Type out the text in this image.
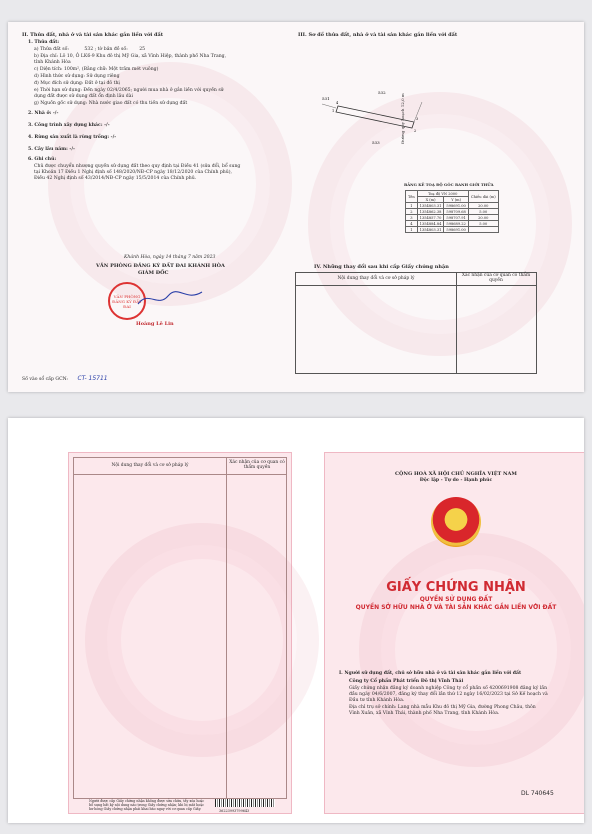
II. Thửa đất, nhà ở và tài sản khác gắn liền với đất
1. Thửa đất:
a) Thửa đất số:	532 ; tờ bản đồ số: 25
b) Địa chỉ: Lô 10, Ô LK6-9 Khu đô thị Mỹ Gia, xã Vĩnh Hiệp, thành phố Nha Trang,
tỉnh Khánh Hòa
c) Diện tích: 100m², (Bằng chữ: Một trăm mét vuông)
d) Hình thức sử dụng: Sử dụng riêng
đ) Mục đích sử dụng: Đất ở tại đô thị
e) Thời hạn sử dụng: Đến ngày 02/4/2065; người mua nhà ở gắn liền với quyền sử
dụng đất được sử dụng đất ổn định lâu dài
g) Nguồn gốc sử dụng: Nhà nước giao đất có thu tiền sử dụng đất
2. Nhà ở: -/-
3. Công trình xây dựng khác: -/-
4. Rừng sản xuất là rừng trồng: -/-
5. Cây lâu năm: -/-
6. Ghi chú:
Chủ được chuyển nhượng quyền sử dụng đất theo quy định tại Điều 41 (sửa đổi, bổ sung
tại Khoản 17 Điều 1 Nghị định số 148/2020/NĐ-CP ngày 18/12/2020 của Chính phủ),
Điều 42 Nghị định số 43/2014/NĐ-CP ngày 15/5/2014 của Chính phủ.
Khánh Hòa, ngày 14 tháng 7 năm 2023
VĂN PHÒNG ĐĂNG KÝ ĐẤT ĐAI KHÁNH HÒA
GIÁM ĐỐC
VĂN PHÒNG ĐĂNG KÝ ĐẤT ĐAI
Hoàng Lê Lin
Số vào sổ cấp GCN: CT- 15711
III. Sơ đồ thửa đất, nhà ở và tài sản khác gắn liền với đất
531
533
532
1
2
3
4	Đường quy hoạch 12,0 m
BẢNG KÊ TOẠ ĐỘ GÓC RANH GIỚI THỬA
Tên	Toạ độ VN 2000		Chiều dài (m)
	X (m)	Y (m)	
1	1354803.31	598691.00	20.00
2	1354862.38	598709.68	5.00
3	1354857.70	598707.91	20.00
4	1354884.84	598689.22	5.00
1	1354803.31	598691.00	
IV. Những thay đổi sau khi cấp Giấy chứng nhận
Nội dung thay đổi và cơ sở pháp lý
Xác nhận của cơ quan có thẩm quyền
Nội dung thay đổi và cơ sở pháp lý
Xác nhận của cơ quan có thẩm quyền
Người được cấp Giấy chứng nhận không được sửa chữa, tẩy xóa hoặc bổ sung bất kỳ nội dung nào trong Giấy chứng nhận; khi bị mất hoặc hư hỏng Giấy chứng nhận phải khai báo ngay với cơ quan cấp Giấy.	36223993799643
CỘNG HOÀ XÃ HỘI CHỦ NGHĨA VIỆT NAM
Độc lập - Tự do - Hạnh phúc
GIẤY CHỨNG NHẬN
QUYỀN SỬ DỤNG ĐẤT
QUYỀN SỞ HỮU NHÀ Ở VÀ TÀI SẢN KHÁC GẮN LIỀN VỚI ĐẤT
I. Người sử dụng đất, chủ sở hữu nhà ở và tài sản khác gắn liền với đất
Công ty Cổ phần Phát triển Đô thị Vĩnh Thái
Giấy chứng nhận đăng ký doanh nghiệp Công ty cổ phần số 4200691908 đăng ký lần
đầu ngày 04/6/2007, đăng ký thay đổi lần thứ 12 ngày 16/02/2023 tại Sở Kế hoạch và
Đầu tư tỉnh Khánh Hòa.
Địa chỉ trụ sở chính: Lang nhà mẫu Khu đô thị Mỹ Gia, đường Phong Châu, thôn
Vĩnh Xuân, xã Vĩnh Thái, thành phố Nha Trang, tỉnh Khánh Hòa.
DL 740645
